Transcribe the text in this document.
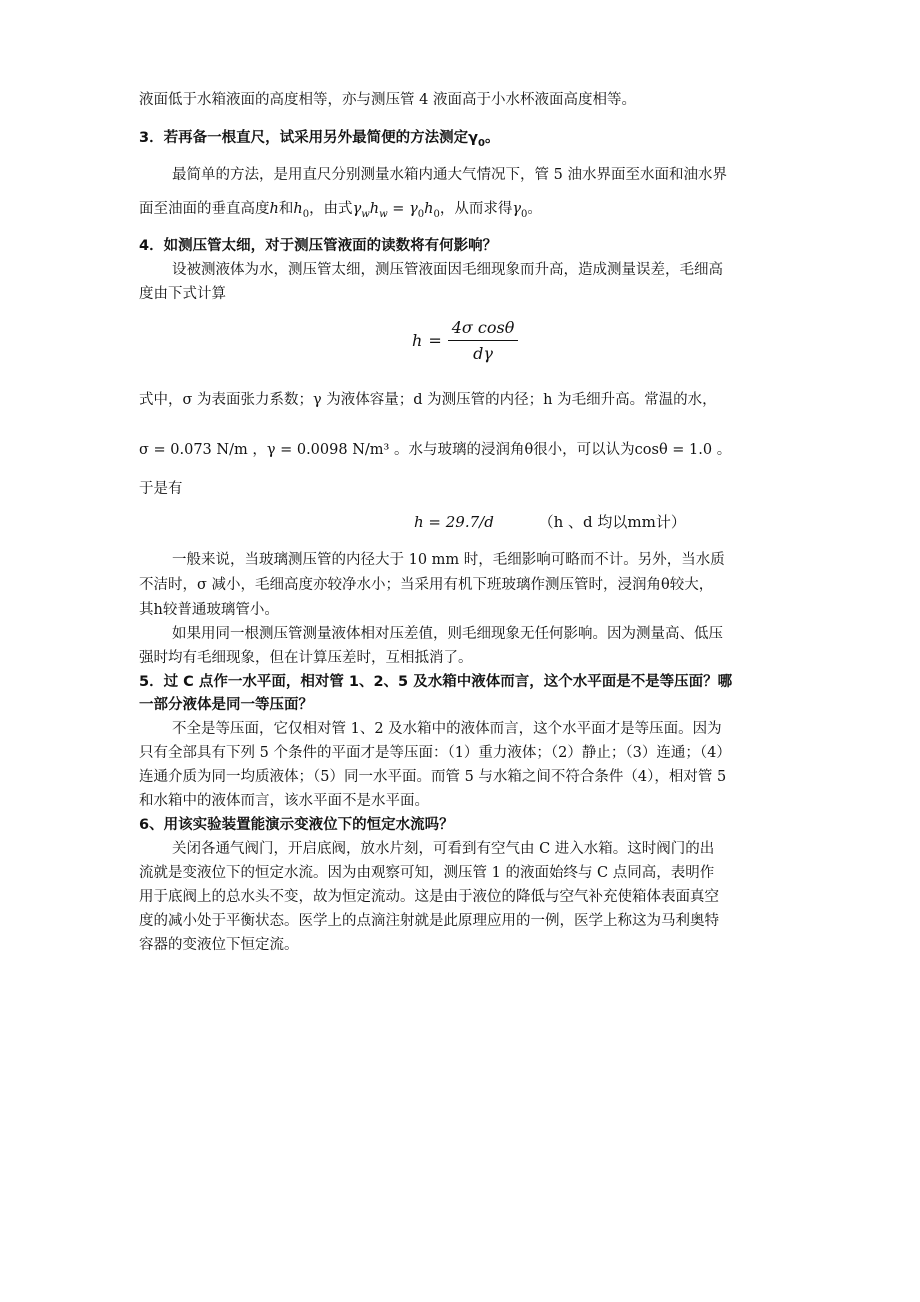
液面低于水箱液面的高度相等，亦与测压管 4 液面高于小水杯液面高度相等。
3．若再备一根直尺，试采用另外最简便的方法测定$\gamma_0$。
最简单的方法，是用直尺分别测量水箱内通大气情况下，管 5 油水界面至水面和油水界
面至油面的垂直高度h和$h_0$，由式$\gamma_wh_w = \gamma_0h_0$，从而求得$\gamma_0$。
4．如测压管太细，对于测压管液面的读数将有何影响？
设被测液体为水，测压管太细，测压管液面因毛细现象而升高，造成测量误差，毛细高
度由下式计算
$h = \frac{\text{4σ cosθ}}{d\gamma}$
式中，σ 为表面张力系数；γ 为液体容量；d 为测压管的内径；h 为毛细升高。常温的水，
σ = 0.073 N/m ，γ = 0.0098 N/m³ 。水与玻璃的浸润角θ很小，可以认为cosθ = 1.0 。
于是有
h = 29.7/d	（h 、d 均以mm计）
一般来说，当玻璃测压管的内径大于 10 mm 时，毛细影响可略而不计。另外，当水质
不洁时，σ 减小，毛细高度亦较净水小；当采用有机下班玻璃作测压管时，浸润角θ较大，
其h较普通玻璃管小。
如果用同一根测压管测量液体相对压差值，则毛细现象无任何影响。因为测量高、低压
强时均有毛细现象，但在计算压差时，互相抵消了。
5．过 C 点作一水平面，相对管 1、2、5 及水箱中液体而言，这个水平面是不是等压面？哪
一部分液体是同一等压面？
不全是等压面，它仅相对管 1、2 及水箱中的液体而言，这个水平面才是等压面。因为
只有全部具有下列 5 个条件的平面才是等压面：（1）重力液体；（2）静止；（3）连通；（4）
连通介质为同一均质液体；（5）同一水平面。而管 5 与水箱之间不符合条件（4），相对管 5
和水箱中的液体而言，该水平面不是水平面。
6、用该实验装置能演示变液位下的恒定水流吗？
关闭各通气阀门，开启底阀，放水片刻，可看到有空气由 C 进入水箱。这时阀门的出
流就是变液位下的恒定水流。因为由观察可知，测压管 1 的液面始终与 C 点同高，表明作
用于底阀上的总水头不变，故为恒定流动。这是由于液位的降低与空气补充使箱体表面真空
度的减小处于平衡状态。医学上的点滴注射就是此原理应用的一例，医学上称这为马利奥特
容器的变液位下恒定流。
